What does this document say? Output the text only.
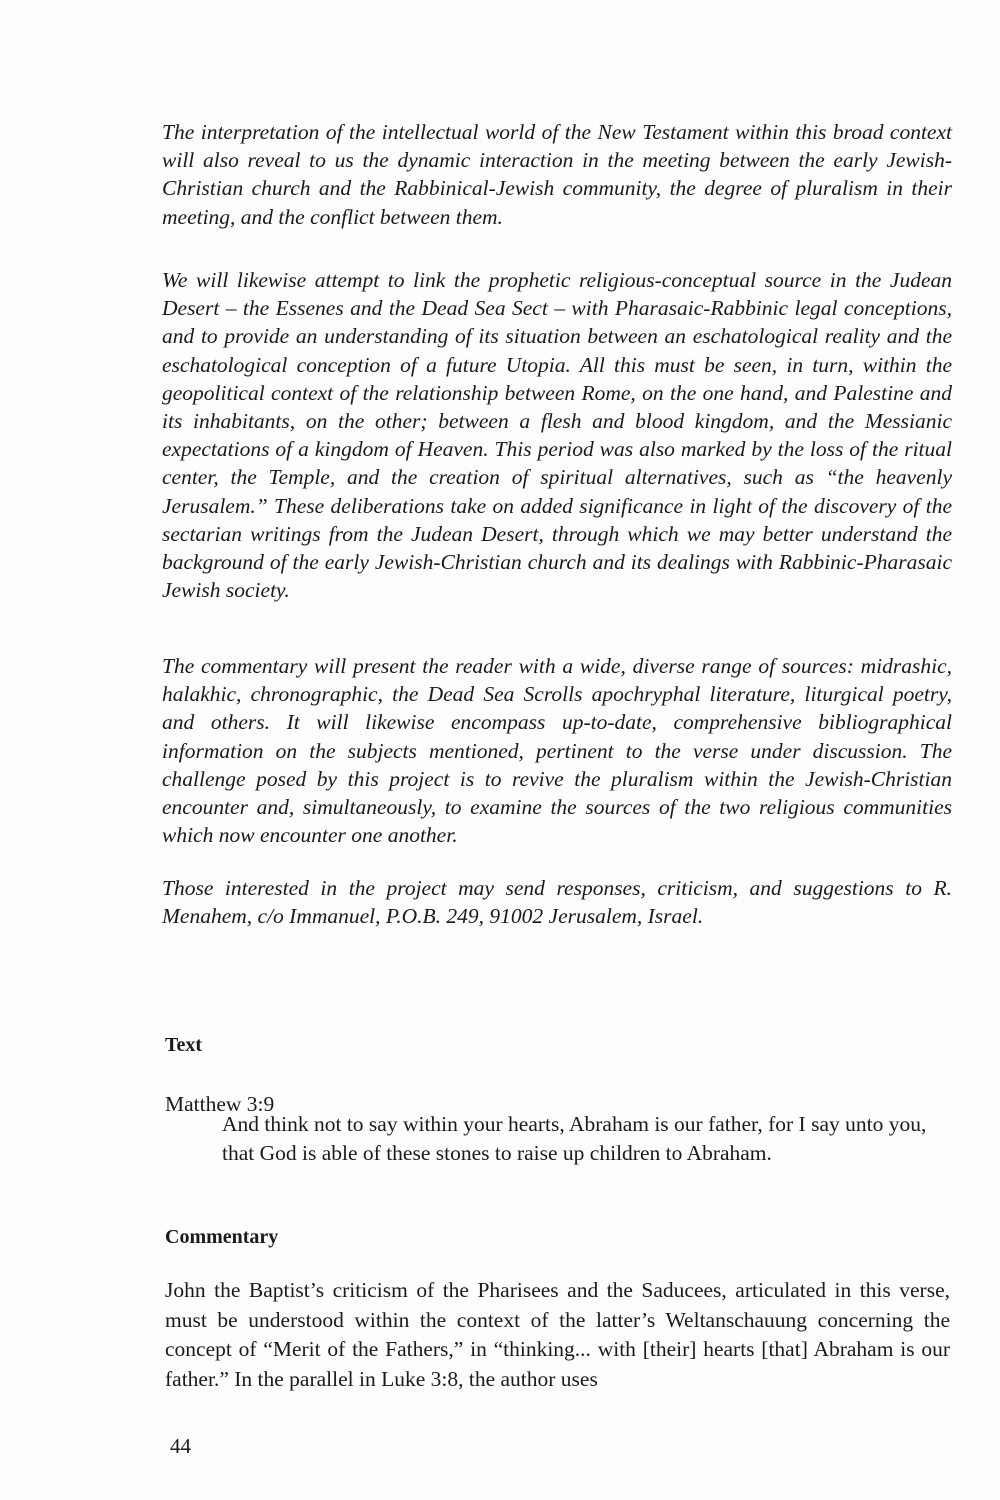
The interpretation of the intellectual world of the New Testament within this broad context will also reveal to us the dynamic interaction in the meeting between the early Jewish-Christian church and the Rabbinical-Jewish community, the degree of pluralism in their meeting, and the conflict between them.

We will likewise attempt to link the prophetic religious-conceptual source in the Judean Desert – the Essenes and the Dead Sea Sect – with Pharasaic-Rabbinic legal conceptions, and to provide an understanding of its situation between an eschatological reality and the eschatological conception of a future Utopia. All this must be seen, in turn, within the geopolitical context of the relationship between Rome, on the one hand, and Palestine and its inhabitants, on the other; between a flesh and blood kingdom, and the Messianic expectations of a kingdom of Heaven. This period was also marked by the loss of the ritual center, the Temple, and the creation of spiritual alternatives, such as “the heavenly Jerusalem.” These deliberations take on added significance in light of the discovery of the sectarian writings from the Judean Desert, through which we may better understand the background of the early Jewish-Christian church and its dealings with Rabbinic-Pharasaic Jewish society.

The commentary will present the reader with a wide, diverse range of sources: midrashic, halakhic, chronographic, the Dead Sea Scrolls apochryphal literature, liturgical poetry, and others. It will likewise encompass up-to-date, comprehensive bibliographical information on the subjects mentioned, pertinent to the verse under discussion. The challenge posed by this project is to revive the pluralism within the Jewish-Christian encounter and, simultaneously, to examine the sources of the two religious communities which now encounter one another.

Those interested in the project may send responses, criticism, and suggestions to R. Menahem, c/o Immanuel, P.O.B. 249, 91002 Jerusalem, Israel.

Text

Matthew 3:9

And think not to say within your hearts, Abraham is our father, for I say unto you, that God is able of these stones to raise up children to Abraham.

Commentary

John the Baptist’s criticism of the Pharisees and the Saducees, articulated in this verse, must be understood within the context of the latter’s Weltanschauung concerning the concept of “Merit of the Fathers,” in “thinking... with [their] hearts [that] Abraham is our father.” In the parallel in Luke 3:8, the author uses

44
